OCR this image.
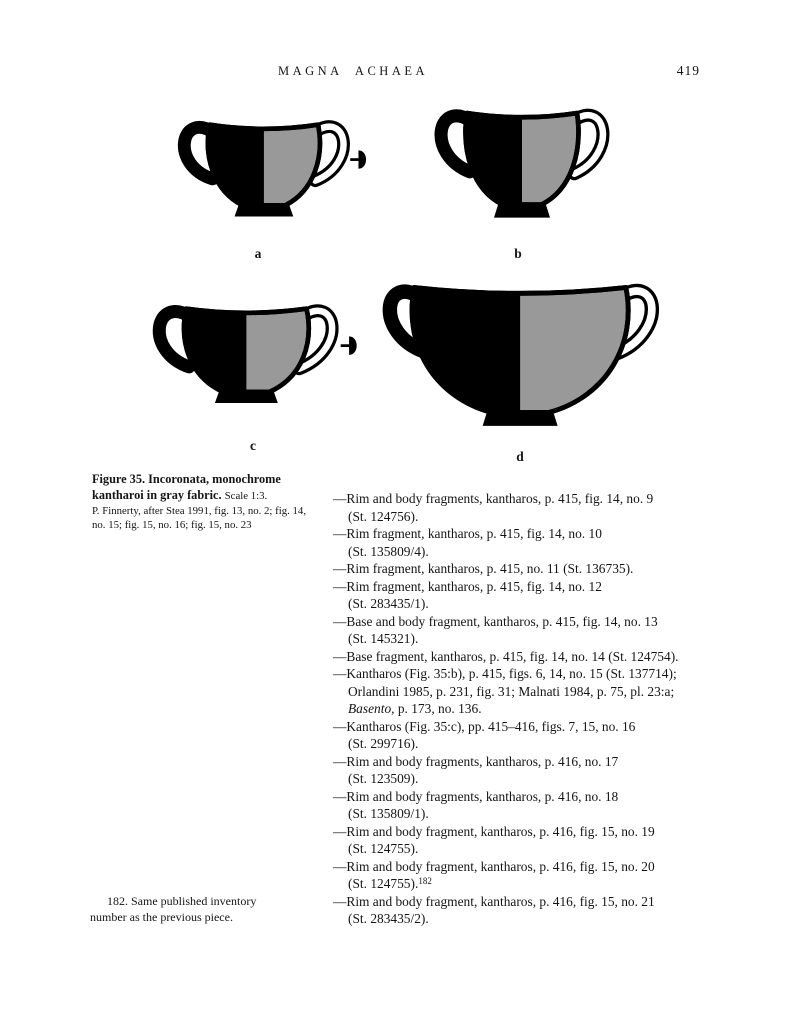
MAGNA ACHAEA	419
a	b
c
d
Figure 35. Incoronata, monochrome kantharoi in gray fabric. Scale 1:3.
P. Finnerty, after Stea 1991, fig. 13, no. 2; fig. 14, no. 15; fig. 15, no. 16; fig. 15, no. 23

—Rim and body fragments, kantharos, p. 415, fig. 14, no. 9
(St. 124756).

—Rim fragment, kantharos, p. 415, fig. 14, no. 10
(St. 135809/4).

—Rim fragment, kantharos, p. 415, no. 11 (St. 136735).

—Rim fragment, kantharos, p. 415, fig. 14, no. 12
(St. 283435/1).

—Base and body fragment, kantharos, p. 415, fig. 14, no. 13
(St. 145321).

—Base fragment, kantharos, p. 415, fig. 14, no. 14 (St. 124754).

—Kantharos (Fig. 35:b), p. 415, figs. 6, 14, no. 15 (St. 137714);
Orlandini 1985, p. 231, fig. 31; Malnati 1984, p. 75, pl. 23:a;
Basento, p. 173, no. 136.

—Kantharos (Fig. 35:c), pp. 415–416, figs. 7, 15, no. 16
(St. 299716).

—Rim and body fragments, kantharos, p. 416, no. 17
(St. 123509).

—Rim and body fragments, kantharos, p. 416, no. 18
(St. 135809/1).

—Rim and body fragment, kantharos, p. 416, fig. 15, no. 19
(St. 124755).

—Rim and body fragment, kantharos, p. 416, fig. 15, no. 20
(St. 124755).$^{182}$

—Rim and body fragment, kantharos, p. 416, fig. 15, no. 21
(St. 283435/2).

182. Same published inventory number as the previous piece.
